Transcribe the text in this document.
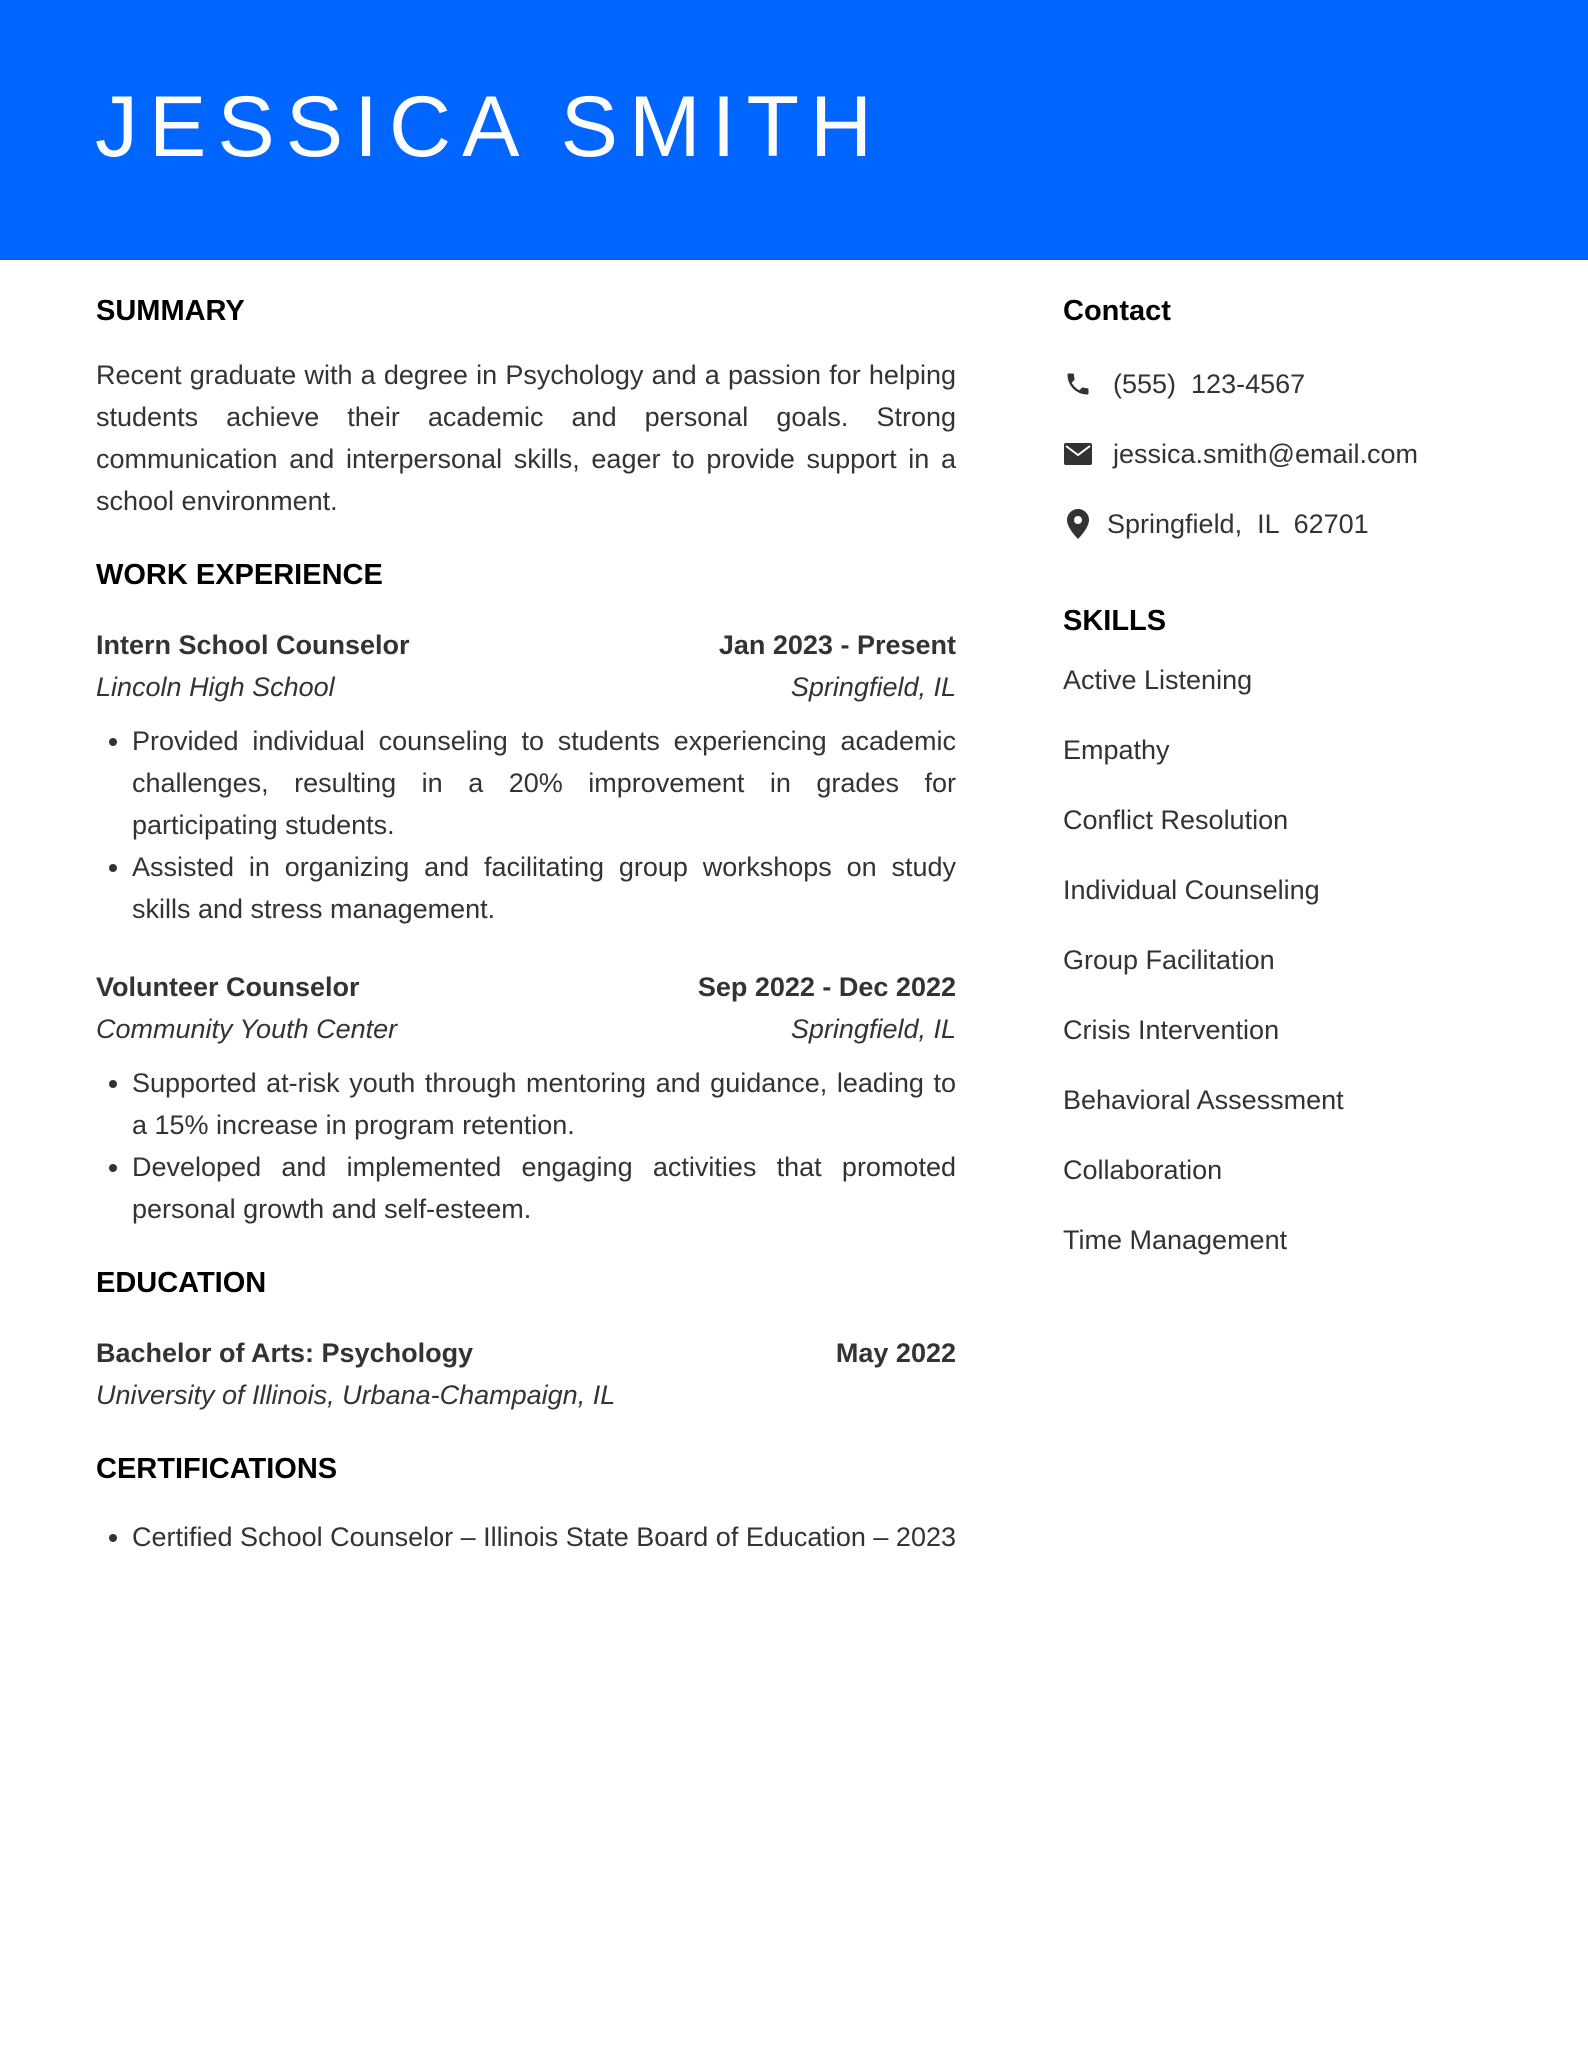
JESSICA SMITH
SUMMARY

Recent graduate with a degree in Psychology and a passion for helping students achieve their academic and personal goals. Strong communication and interpersonal skills, eager to provide support in a school environment.

WORK EXPERIENCE
Intern School Counselor	Jan 2023 - Present
Lincoln High School	Springfield, IL
• Provided individual counseling to students experiencing academic challenges, resulting in a 20% improvement in grades for participating students.
• Assisted in organizing and facilitating group workshops on study skills and stress management.
Volunteer Counselor	Sep 2022 - Dec 2022
Community Youth Center	Springfield, IL
• Supported at-risk youth through mentoring and guidance, leading to a 15% increase in program retention.
• Developed and implemented engaging activities that promoted personal growth and self-esteem.
EDUCATION
Bachelor of Arts: Psychology	May 2022
University of Illinois, Urbana-Champaign, IL
CERTIFICATIONS
• Certified School Counselor – Illinois State Board of Education – 2023
Contact
(555)  123-4567
jessica.smith@email.com
Springfield,  IL  62701
SKILLS
Active Listening
Empathy
Conflict Resolution
Individual Counseling
Group Facilitation
Crisis Intervention
Behavioral Assessment
Collaboration
Time Management
